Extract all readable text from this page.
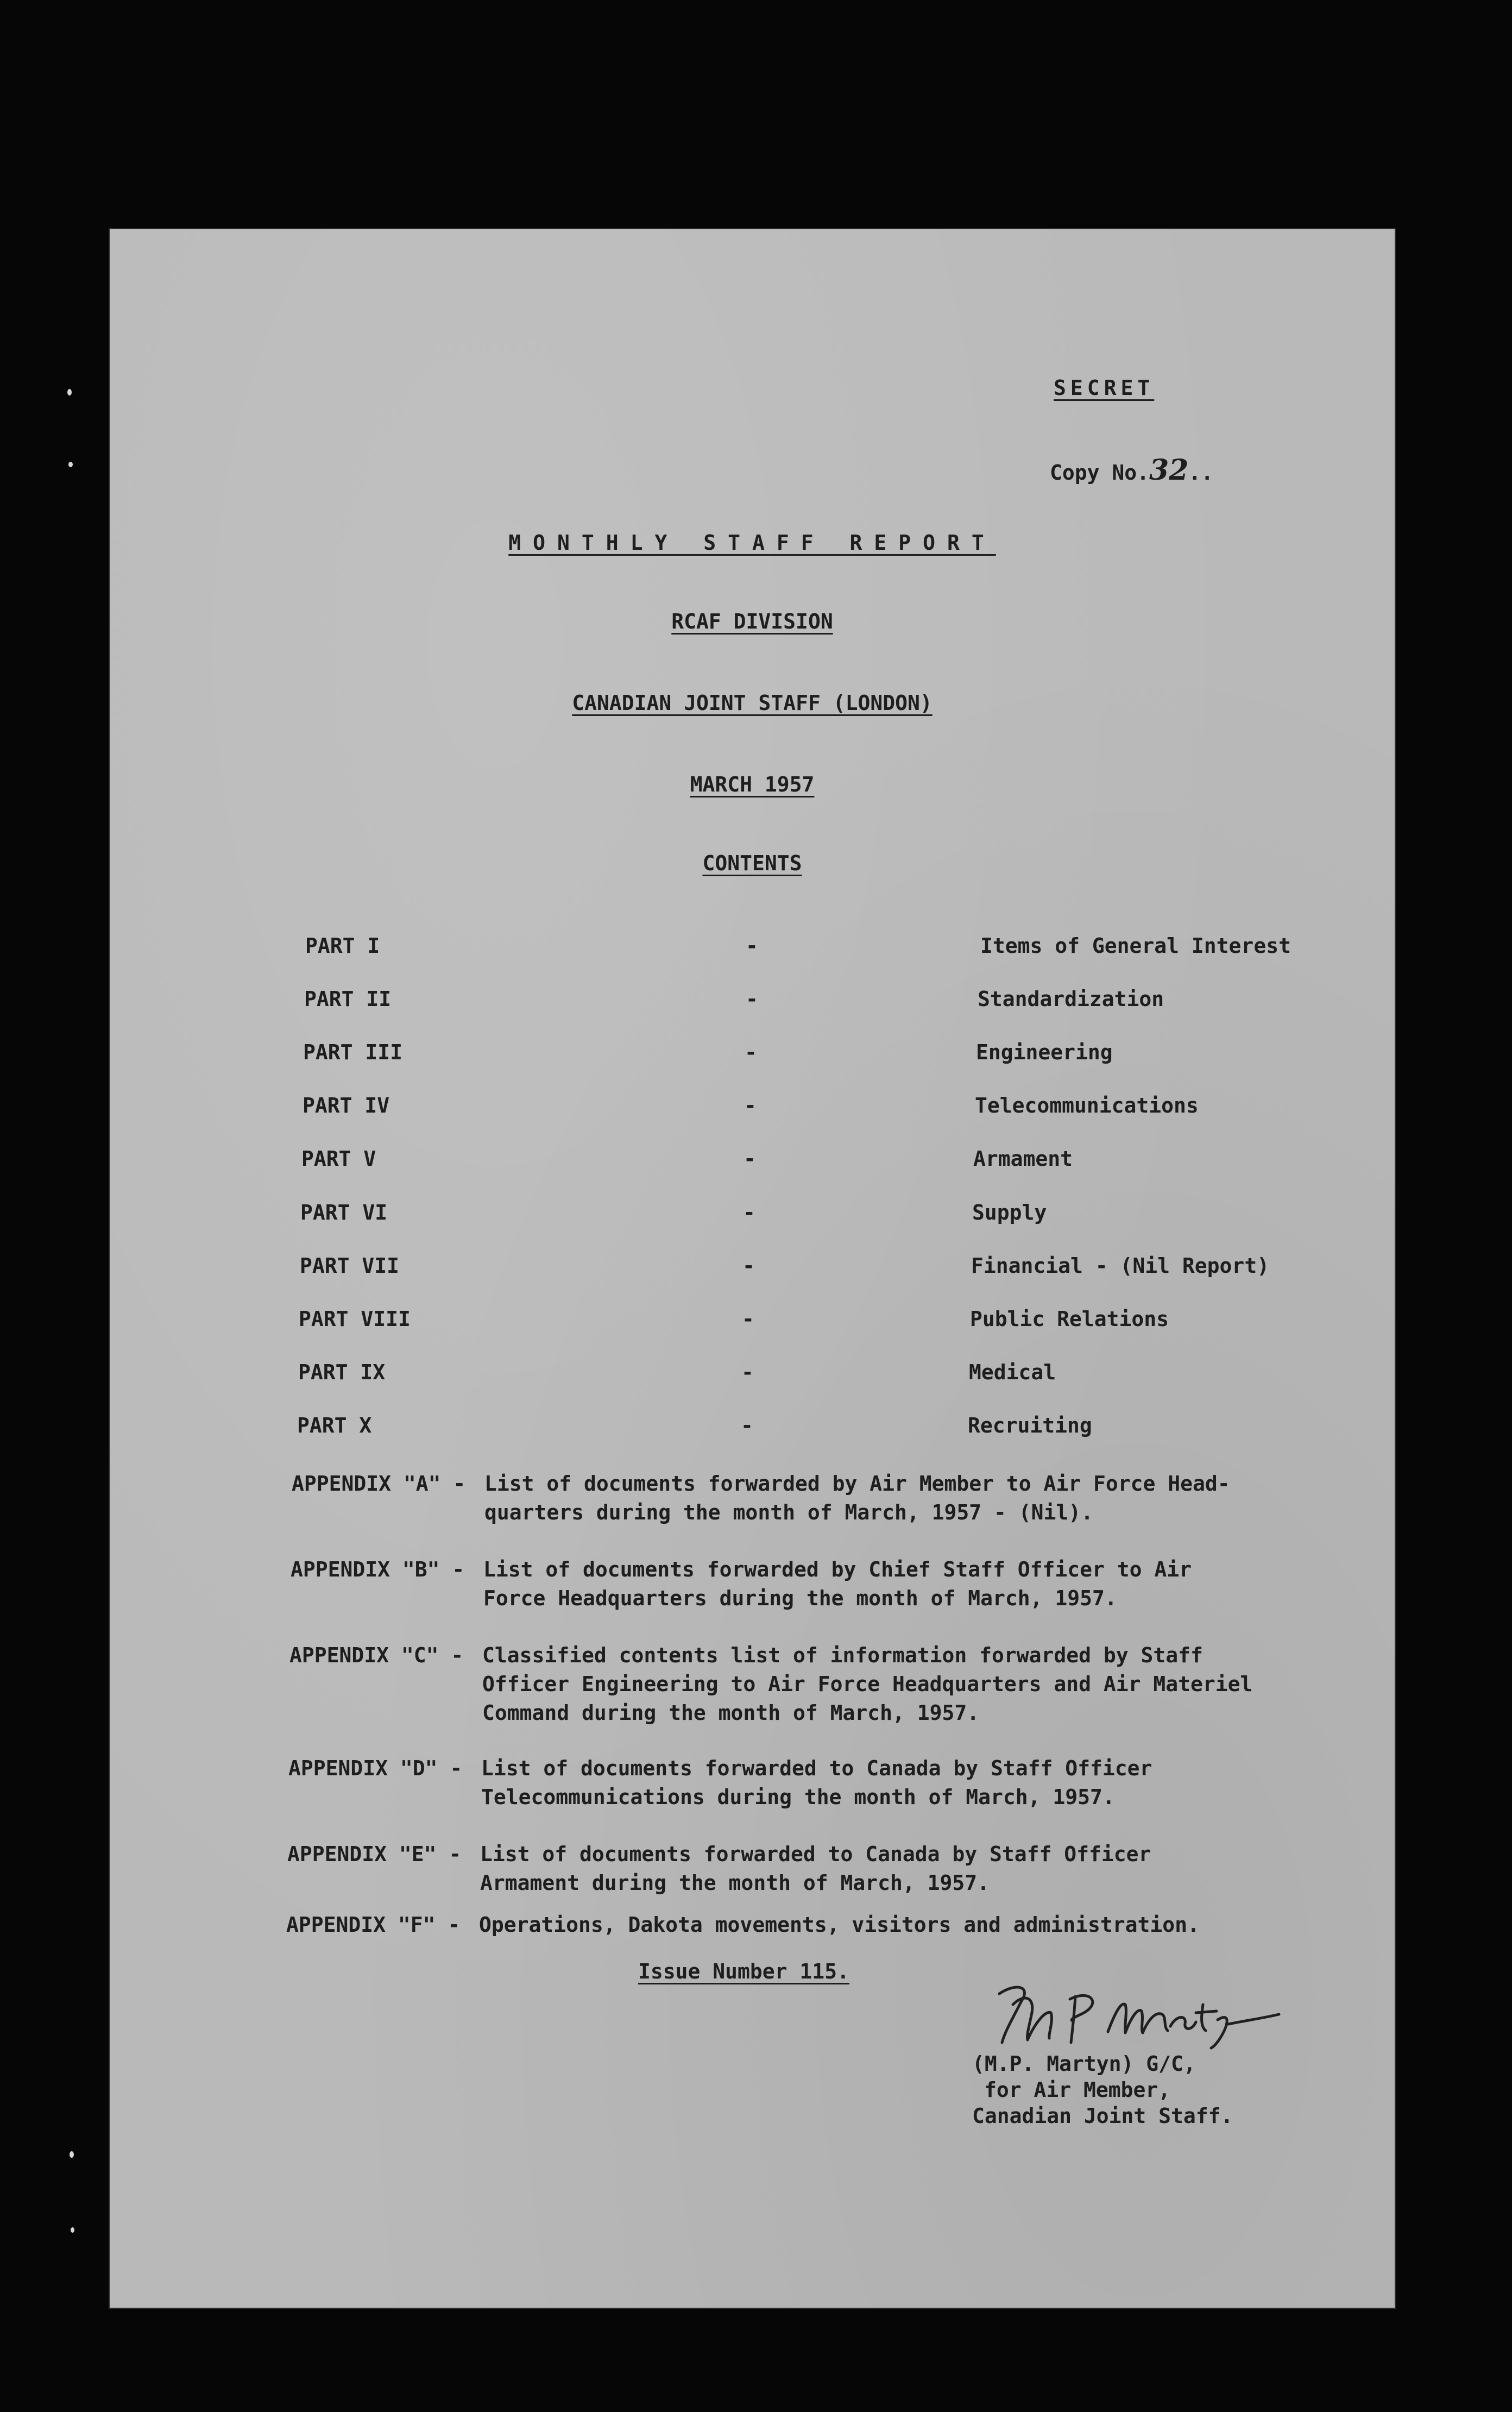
SECRET

Copy No.32..

MONTHLY STAFF REPORT

RCAF DIVISION

CANADIAN JOINT STAFF (LONDON)

MARCH 1957

CONTENTS

PART I	-	Items of General Interest

PART II	-	Standardization

PART III	-	Engineering

PART IV	-	Telecommunications

PART V	-	Armament

PART VI	-	Supply

PART VII	-	Financial - (Nil Report)

PART VIII	-	Public Relations

PART IX	-	Medical

PART X	-	Recruiting

APPENDIX "A" - List of documents forwarded by Air Member to Air Force Head-
quarters during the month of March, 1957 - (Nil).
APPENDIX "B" - List of documents forwarded by Chief Staff Officer to Air
Force Headquarters during the month of March, 1957.
APPENDIX "C" - Classified contents list of information forwarded by Staff
Officer Engineering to Air Force Headquarters and Air Materiel
Command during the month of March, 1957.
APPENDIX "D" - List of documents forwarded to Canada by Staff Officer
Telecommunications during the month of March, 1957.
APPENDIX "E" - List of documents forwarded to Canada by Staff Officer
Armament during the month of March, 1957.
APPENDIX "F" - Operations, Dakota movements, visitors and administration.

Issue Number 115.

(M.P. Martyn) G/C,
for Air Member,
Canadian Joint Staff.
